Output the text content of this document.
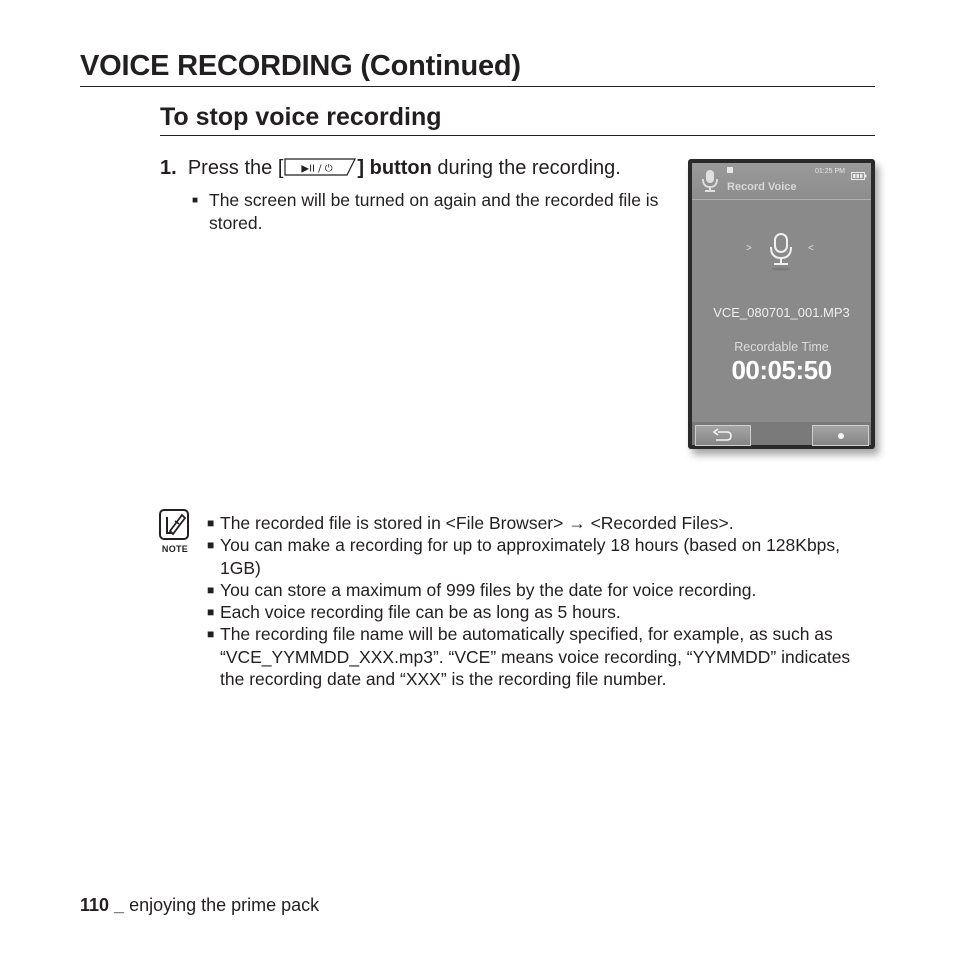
VOICE RECORDING (Continued)
To stop voice recording
1. Press the [ ▶II / ⏻ ] button during the recording.
■ The screen will be turned on again and the recorded file is stored.
Record Voice
01:25 PM
>	<
VCE_080701_001.MP3
Recordable Time
00:05:50
NOTE
■ The recorded file is stored in <File Browser> → <Recorded Files>.
■ You can make a recording for up to approximately 18 hours (based on 128Kbps, 1GB)
■ You can store a maximum of 999 files by the date for voice recording.
■ Each voice recording file can be as long as 5 hours.
■ The recording file name will be automatically specified, for example, as such as “VCE_YYMMDD_XXX.mp3”. “VCE” means voice recording, “YYMMDD” indicates the recording date and “XXX” is the recording file number.
110 _ enjoying the prime pack
